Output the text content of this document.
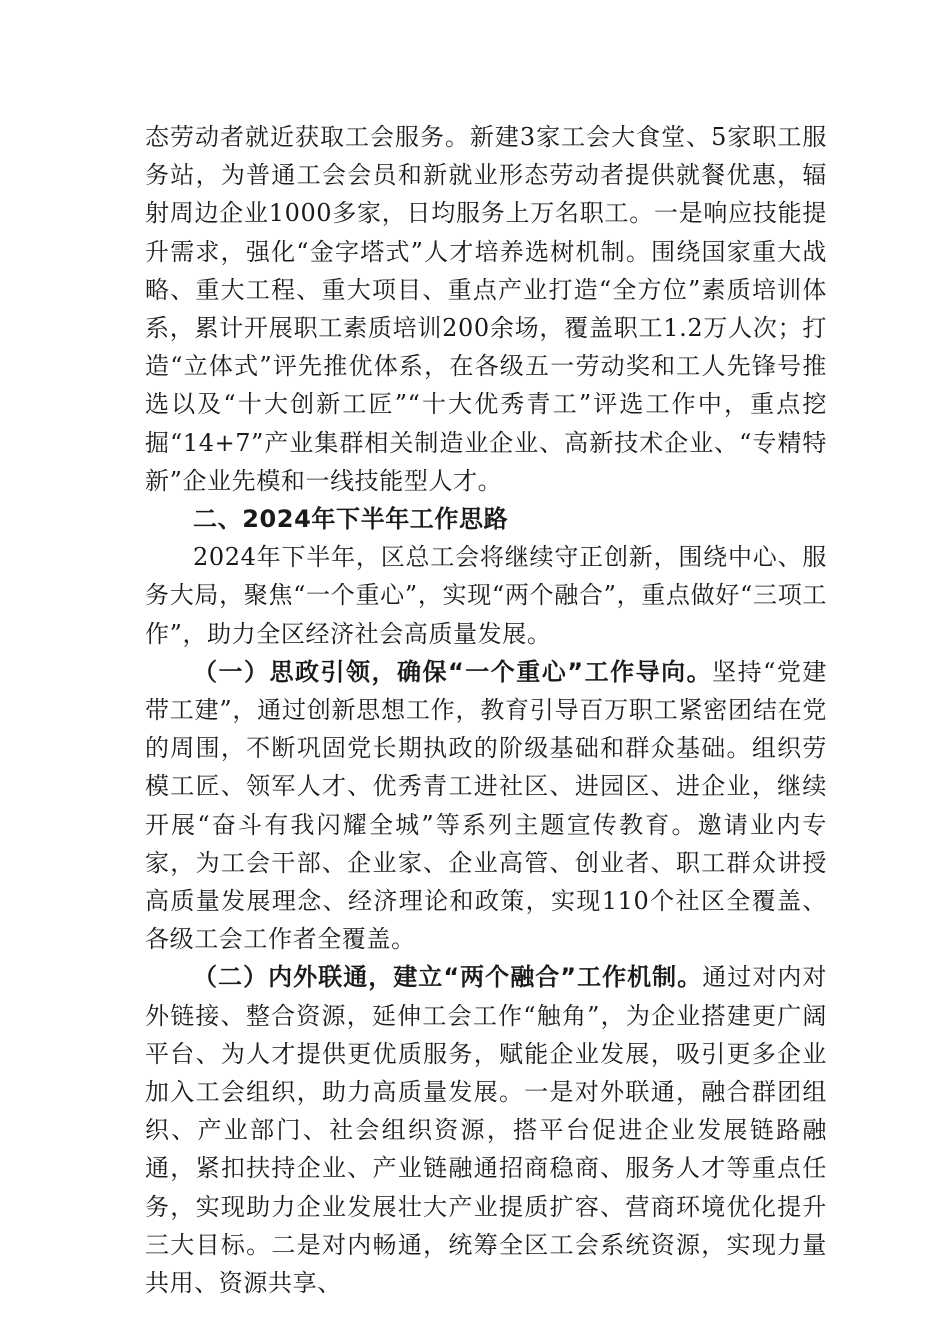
态劳动者就近获取工会服务。新建3家工会大食堂、5家职工服务站，为普通工会会员和新就业形态劳动者提供就餐优惠，辐射周边企业1000多家，日均服务上万名职工。一是响应技能提升需求，强化“金字塔式”人才培养选树机制。围绕国家重大战略、重大工程、重大项目、重点产业打造“全方位”素质培训体系，累计开展职工素质培训200余场，覆盖职工1.2万人次；打造“立体式”评先推优体系，在各级五一劳动奖和工人先锋号推选以及“十大创新工匠”“十大优秀青工”评选工作中，重点挖掘“14+7”产业集群相关制造业企业、高新技术企业、“专精特新”企业先模和一线技能型人才。

二、2024年下半年工作思路

2024年下半年，区总工会将继续守正创新，围绕中心、服务大局，聚焦“一个重心”，实现“两个融合”，重点做好“三项工作”，助力全区经济社会高质量发展。

（一）思政引领，确保“一个重心”工作导向。坚持“党建带工建”，通过创新思想工作，教育引导百万职工紧密团结在党的周围，不断巩固党长期执政的阶级基础和群众基础。组织劳模工匠、领军人才、优秀青工进社区、进园区、进企业，继续开展“奋斗有我闪耀全城”等系列主题宣传教育。邀请业内专家，为工会干部、企业家、企业高管、创业者、职工群众讲授高质量发展理念、经济理论和政策，实现110个社区全覆盖、各级工会工作者全覆盖。

（二）内外联通，建立“两个融合”工作机制。通过对内对外链接、整合资源，延伸工会工作“触角”，为企业搭建更广阔平台、为人才提供更优质服务，赋能企业发展，吸引更多企业加入工会组织，助力高质量发展。一是对外联通，融合群团组织、产业部门、社会组织资源，搭平台促进企业发展链路融通，紧扣扶持企业、产业链融通招商稳商、服务人才等重点任务，实现助力企业发展壮大产业提质扩容、营商环境优化提升三大目标。二是对内畅通，统筹全区工会系统资源，实现力量共用、资源共享、
